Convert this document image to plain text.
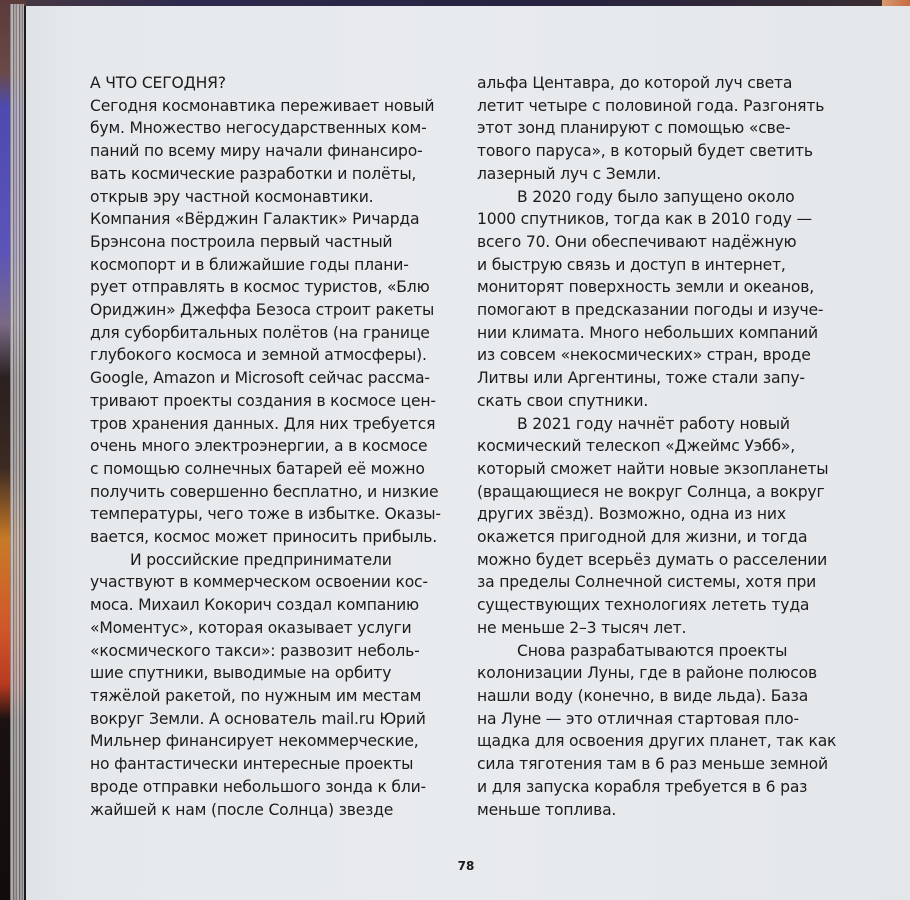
А ЧТО СЕГОДНЯ?
Сегодня космонавтика переживает новый
бум. Множество негосударственных ком-
паний по всему миру начали финансиро-
вать космические разработки и полёты,
открыв эру частной космонавтики.
Компания «Вёрджин Галактик» Ричарда
Брэнсона построила первый частный
космопорт и в ближайшие годы плани-
рует отправлять в космос туристов, «Блю
Ориджин» Джеффа Безоса строит ракеты
для суборбитальных полётов (на границе
глубокого космоса и земной атмосферы).
Google, Amazon и Microsoft сейчас рассма-
тривают проекты создания в космосе цен-
тров хранения данных. Для них требуется
очень много электроэнергии, а в космосе
с помощью солнечных батарей её можно
получить совершенно бесплатно, и низкие
температуры, чего тоже в избытке. Оказы-
вается, космос может приносить прибыль.
И российские предприниматели
участвуют в коммерческом освоении кос-
моса. Михаил Кокорич создал компанию
«Моментус», которая оказывает услуги
«космического такси»: развозит неболь-
шие спутники, выводимые на орбиту
тяжёлой ракетой, по нужным им местам
вокруг Земли. А основатель mail.ru Юрий
Мильнер финансирует некоммерческие,
но фантастически интересные проекты
вроде отправки небольшого зонда к бли-
жайшей к нам (после Солнца) звезде
альфа Центавра, до которой луч света
летит четыре с половиной года. Разгонять
этот зонд планируют с помощью «све-
тового паруса», в который будет светить
лазерный луч с Земли.
В 2020 году было запущено около
1000 спутников, тогда как в 2010 году —
всего 70. Они обеспечивают надёжную
и быструю связь и доступ в интернет,
мониторят поверхность земли и океанов,
помогают в предсказании погоды и изуче-
нии климата. Много небольших компаний
из совсем «некосмических» стран, вроде
Литвы или Аргентины, тоже стали запу-
скать свои спутники.
В 2021 году начнёт работу новый
космический телескоп «Джеймс Уэбб»,
который сможет найти новые экзопланеты
(вращающиеся не вокруг Солнца, а вокруг
других звёзд). Возможно, одна из них
окажется пригодной для жизни, и тогда
можно будет всерьёз думать о расселении
за пределы Солнечной системы, хотя при
существующих технологиях лететь туда
не меньше 2–3 тысяч лет.
Снова разрабатываются проекты
колонизации Луны, где в районе полюсов
нашли воду (конечно, в виде льда). База
на Луне — это отличная стартовая пло-
щадка для освоения других планет, так как
сила тяготения там в 6 раз меньше земной
и для запуска корабля требуется в 6 раз
меньше топлива.
78
